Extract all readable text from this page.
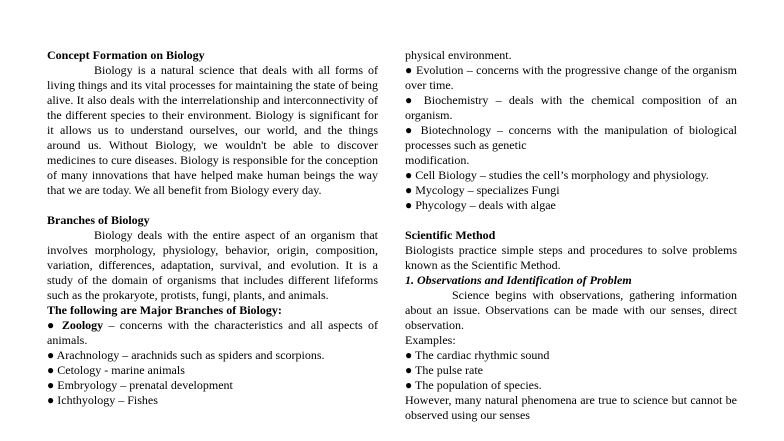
Concept Formation on Biology

Biology is a natural science that deals with all forms of living things and its vital processes for maintaining the state of being alive. It also deals with the interrelationship and interconnectivity of the different species to their environment. Biology is significant for it allows us to understand ourselves, our world, and the things around us. Without Biology, we wouldn't be able to discover medicines to cure diseases. Biology is responsible for the conception of many innovations that have helped make human beings the way that we are today. We all benefit from Biology every day.

Branches of Biology

Biology deals with the entire aspect of an organism that involves morphology, physiology, behavior, origin, composition, variation, differences, adaptation, survival, and evolution. It is a study of the domain of organisms that includes different lifeforms such as the prokaryote, protists, fungi, plants, and animals.

The following are Major Branches of Biology:

● Zoology – concerns with the characteristics and all aspects of animals.

● Arachnology – arachnids such as spiders and scorpions.

● Cetology - marine animals

● Embryology – prenatal development

● Ichthyology – Fishes

physical environment.

● Evolution – concerns with the progressive change of the organism over time.

● Biochemistry – deals with the chemical composition of an organism.

● Biotechnology – concerns with the manipulation of biological processes such as genetic

modification.

● Cell Biology – studies the cell’s morphology and physiology.

● Mycology – specializes Fungi

● Phycology – deals with algae

Scientific Method

Biologists practice simple steps and procedures to solve problems known as the Scientific Method.

1. Observations and Identification of Problem

Science begins with observations, gathering information about an issue. Observations can be made with our senses, direct observation.

Examples:

● The cardiac rhythmic sound

● The pulse rate

● The population of species.

However, many natural phenomena are true to science but cannot be observed using our senses
